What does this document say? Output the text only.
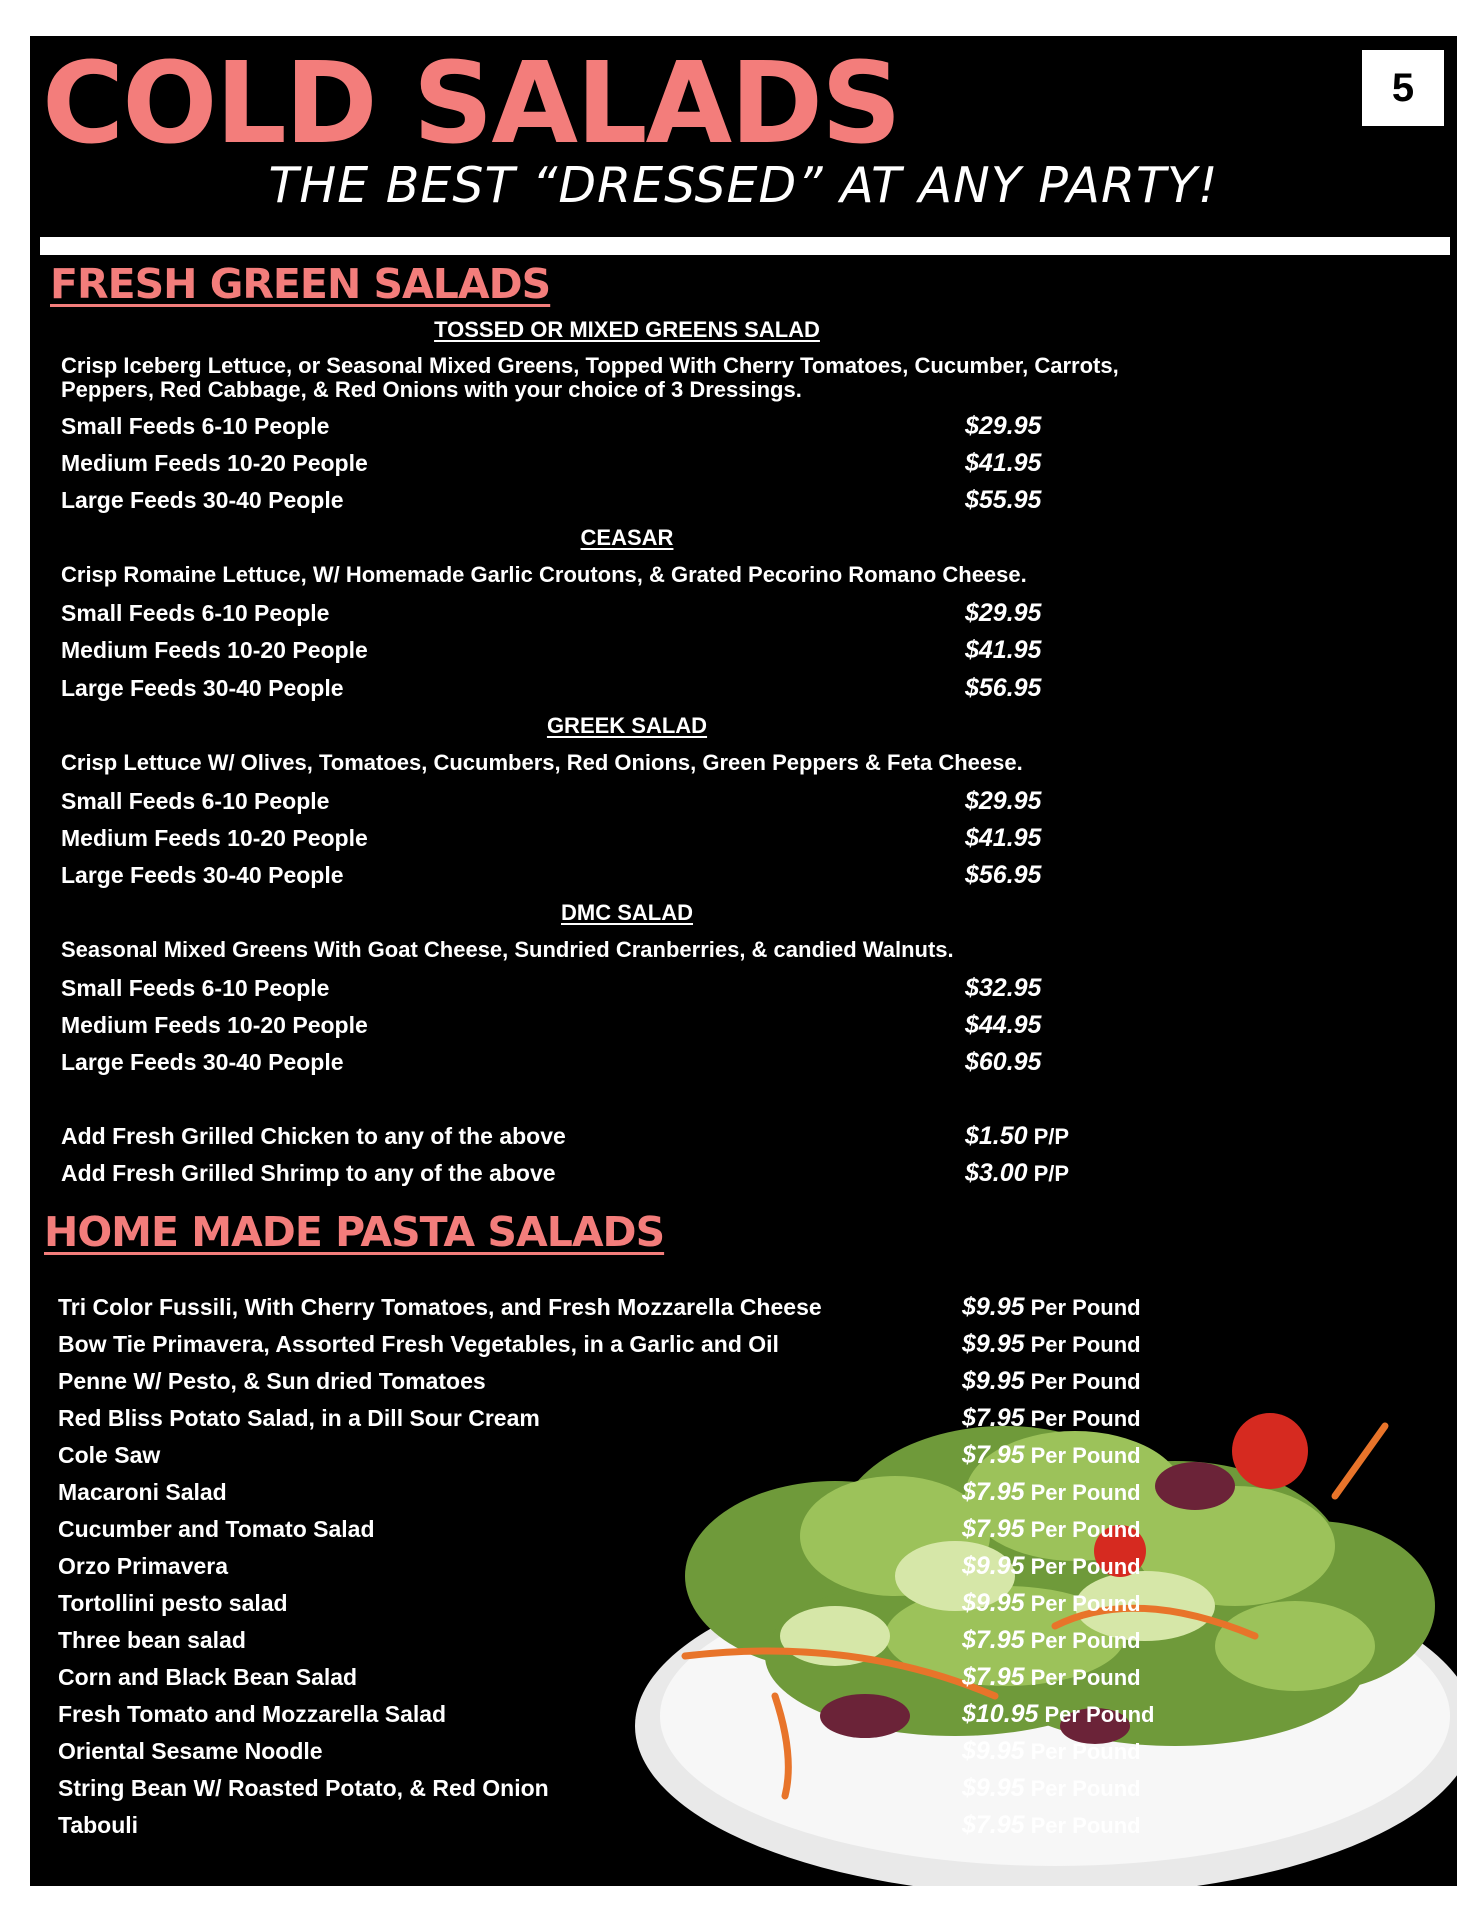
COLD SALADS	5
THE BEST “DRESSED” AT ANY PARTY!
FRESH GREEN SALADS
TOSSED OR MIXED GREENS SALAD
Crisp Iceberg Lettuce, or Seasonal Mixed Greens, Topped With Cherry Tomatoes, Cucumber, Carrots, Peppers, Red Cabbage, & Red Onions with your choice of 3 Dressings.
Small Feeds 6-10 People	$29.95
Medium Feeds 10-20 People	$41.95
Large Feeds 30-40 People	$55.95
CEASAR
Crisp Romaine Lettuce, W/ Homemade Garlic Croutons, & Grated Pecorino Romano Cheese.
Small Feeds 6-10 People	$29.95
Medium Feeds 10-20 People	$41.95
Large Feeds 30-40 People	$56.95
GREEK SALAD
Crisp Lettuce W/ Olives, Tomatoes, Cucumbers, Red Onions, Green Peppers & Feta Cheese.
Small Feeds 6-10 People	$29.95
Medium Feeds 10-20 People	$41.95
Large Feeds 30-40 People	$56.95
DMC SALAD
Seasonal Mixed Greens With Goat Cheese, Sundried Cranberries, & candied Walnuts.
Small Feeds 6-10 People	$32.95
Medium Feeds 10-20 People	$44.95
Large Feeds 30-40 People	$60.95
Add Fresh Grilled Chicken to any of the above	$1.50 P/P
Add Fresh Grilled Shrimp to any of the above	$3.00 P/P
HOME MADE PASTA SALADS
Tri Color Fussili, With Cherry Tomatoes, and Fresh Mozzarella Cheese	$9.95 Per Pound
Bow Tie Primavera, Assorted Fresh Vegetables, in a Garlic and Oil	$9.95 Per Pound
Penne W/ Pesto, & Sun dried Tomatoes	$9.95 Per Pound
Red Bliss Potato Salad, in a Dill Sour Cream	$7.95 Per Pound
Cole Saw	$7.95 Per Pound
Macaroni Salad	$7.95 Per Pound
Cucumber and Tomato Salad	$7.95 Per Pound
Orzo Primavera	$9.95 Per Pound
Tortollini pesto salad	$9.95 Per Pound
Three bean salad	$7.95 Per Pound
Corn and Black Bean Salad	$7.95 Per Pound
Fresh Tomato and Mozzarella Salad	$10.95 Per Pound
Oriental Sesame Noodle	$9.95 Per Pound
String Bean W/ Roasted Potato, & Red Onion	$9.95 Per Pound
Tabouli	$7.95 Per Pound
